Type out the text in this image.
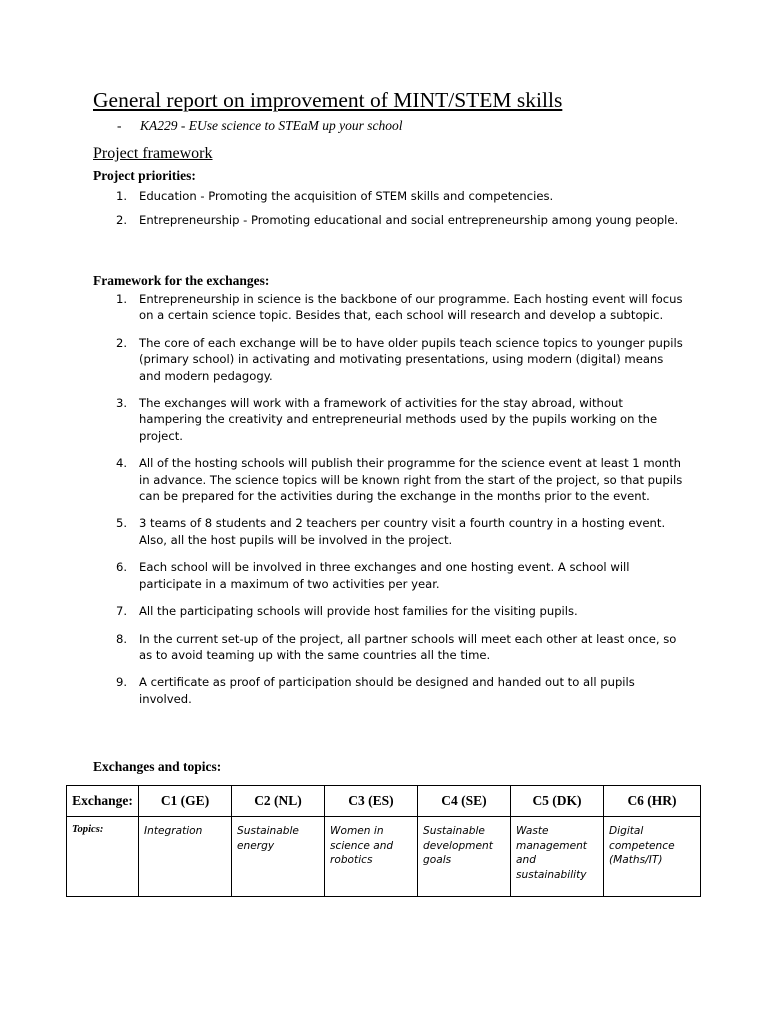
General report on improvement of MINT/STEM skills
- KA229 - EUse science to STEaM up your school
Project framework
Project priorities:
1. Education - Promoting the acquisition of STEM skills and competencies.
2. Entrepreneurship - Promoting educational and social entrepreneurship among young people.
Framework for the exchanges:
1. Entrepreneurship in science is the backbone of our programme. Each hosting event will focus on a certain science topic. Besides that, each school will research and develop a subtopic.
2. The core of each exchange will be to have older pupils teach science topics to younger pupils (primary school) in activating and motivating presentations, using modern (digital) means and modern pedagogy.
3. The exchanges will work with a framework of activities for the stay abroad, without hampering the creativity and entrepreneurial methods used by the pupils working on the project.
4. All of the hosting schools will publish their programme for the science event at least 1 month in advance. The science topics will be known right from the start of the project, so that pupils can be prepared for the activities during the exchange in the months prior to the event.
5. 3 teams of 8 students and 2 teachers per country visit a fourth country in a hosting event. Also, all the host pupils will be involved in the project.
6. Each school will be involved in three exchanges and one hosting event. A school will participate in a maximum of two activities per year.
7. All the participating schools will provide host families for the visiting pupils.
8. In the current set-up of the project, all partner schools will meet each other at least once, so as to avoid teaming up with the same countries all the time.
9. A certificate as proof of participation should be designed and handed out to all pupils involved.
Exchanges and topics:
Exchange:	C1 (GE)	C2 (NL)	C3 (ES)	C4 (SE)	C5 (DK)	C6 (HR)
Topics:	Integration	Sustainable energy	Women in science and robotics	Sustainable development goals	Waste management and sustainability	Digital competence (Maths/IT)
